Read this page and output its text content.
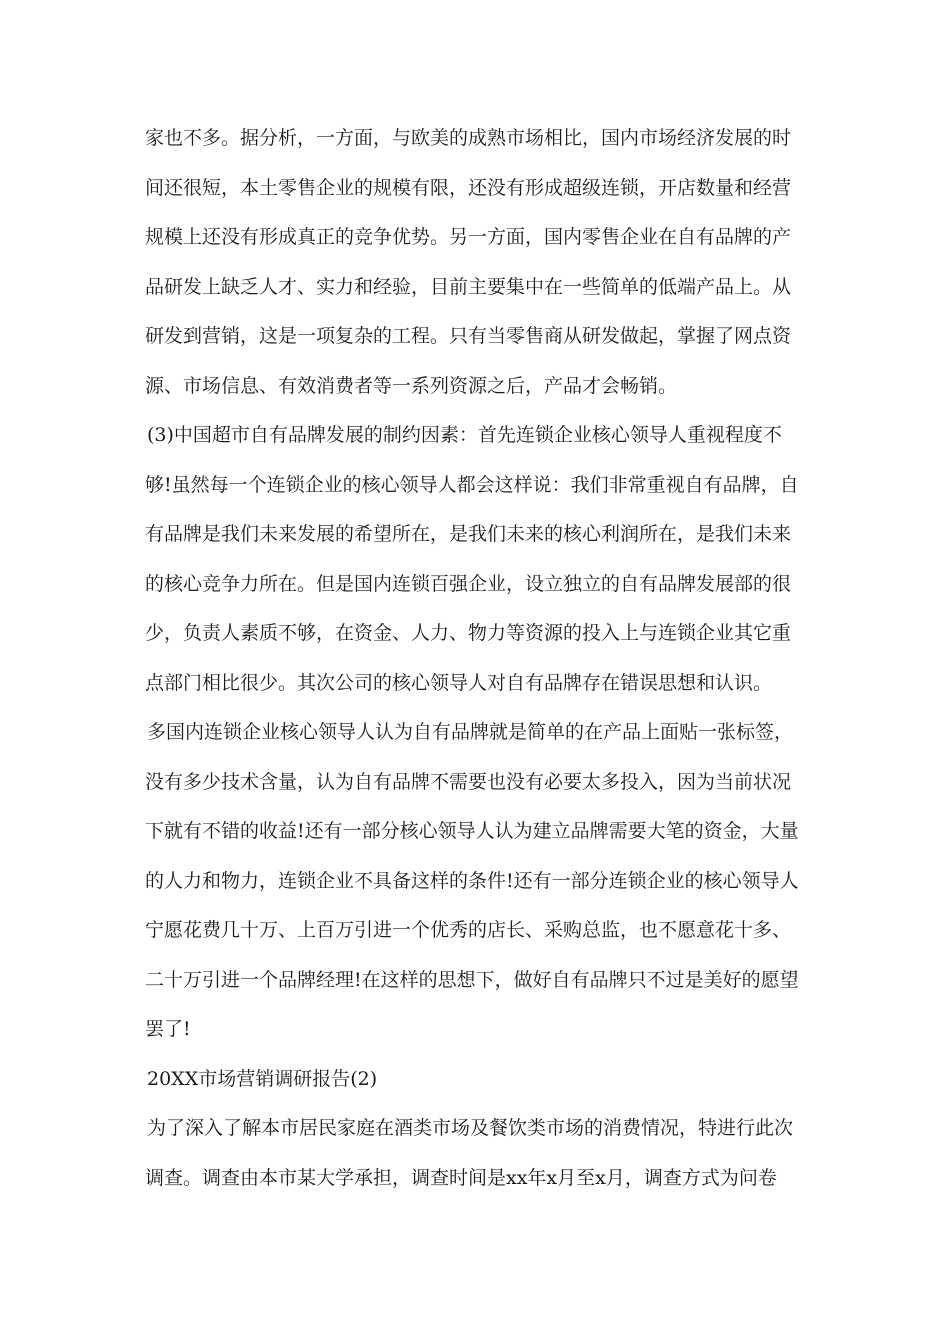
家也不多。据分析，一方面，与欧美的成熟市场相比，国内市场经济发展的时
间还很短，本土零售企业的规模有限，还没有形成超级连锁，开店数量和经营
规模上还没有形成真正的竞争优势。另一方面，国内零售企业在自有品牌的产
品研发上缺乏人才、实力和经验，目前主要集中在一些简单的低端产品上。从
研发到营销，这是一项复杂的工程。只有当零售商从研发做起，掌握了网点资
源、市场信息、有效消费者等一系列资源之后，产品才会畅销。
(3)中国超市自有品牌发展的制约因素：首先连锁企业核心领导人重视程度不
够!虽然每一个连锁企业的核心领导人都会这样说：我们非常重视自有品牌，自
有品牌是我们未来发展的希望所在，是我们未来的核心利润所在，是我们未来
的核心竞争力所在。但是国内连锁百强企业，设立独立的自有品牌发展部的很
少，负责人素质不够，在资金、人力、物力等资源的投入上与连锁企业其它重
点部门相比很少。其次公司的核心领导人对自有品牌存在错误思想和认识。
多国内连锁企业核心领导人认为自有品牌就是简单的在产品上面贴一张标签，
没有多少技术含量，认为自有品牌不需要也没有必要太多投入，因为当前状况
下就有不错的收益!还有一部分核心领导人认为建立品牌需要大笔的资金，大量
的人力和物力，连锁企业不具备这样的条件!还有一部分连锁企业的核心领导人
宁愿花费几十万、上百万引进一个优秀的店长、采购总监，也不愿意花十多、
二十万引进一个品牌经理!在这样的思想下，做好自有品牌只不过是美好的愿望
罢了!
20XX市场营销调研报告(2)
为了深入了解本市居民家庭在酒类市场及餐饮类市场的消费情况，特进行此次
调查。调查由本市某大学承担，调查时间是xx年x月至x月，调查方式为问卷
